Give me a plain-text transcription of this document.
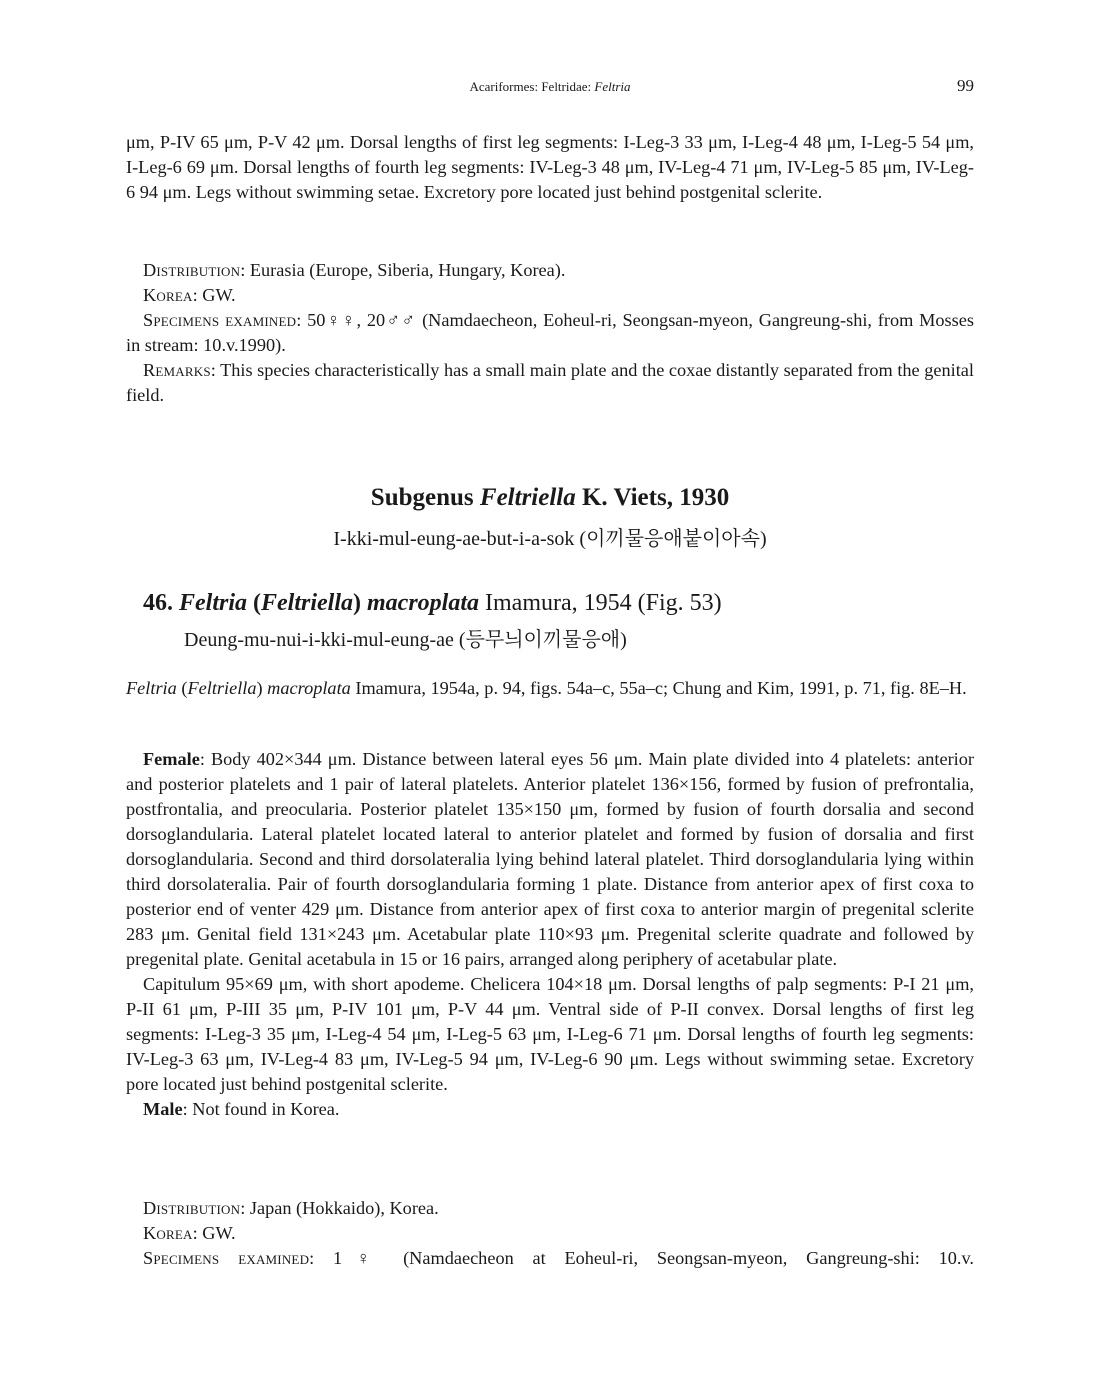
Acariformes: Feltridae: Feltria	99

μm, P-IV 65 μm, P-V 42 μm. Dorsal lengths of first leg segments: I-Leg-3 33 μm, I-Leg-4 48 μm, I-Leg-5 54 μm, I-Leg-6 69 μm. Dorsal lengths of fourth leg segments: IV-Leg-3 48 μm, IV-Leg-4 71 μm, IV-Leg-5 85 μm, IV-Leg-6 94 μm. Legs without swimming setae. Excretory pore located just behind postgenital sclerite.

Distribution: Eurasia (Europe, Siberia, Hungary, Korea).

Korea: GW.

Specimens examined: 50♀♀, 20♂♂ (Namdaecheon, Eoheul-ri, Seongsan-myeon, Gangreung-shi, from Mosses in stream: 10.v.1990).

Remarks: This species characteristically has a small main plate and the coxae distantly separated from the genital field.

Subgenus Feltriella K. Viets, 1930
I-kki-mul-eung-ae-but-i-a-sok (이끼물응애붙이아속)
46. Feltria (Feltriella) macroplata Imamura, 1954 (Fig. 53)
Deung-mu-nui-i-kki-mul-eung-ae (등무늬이끼물응애)

Feltria (Feltriella) macroplata Imamura, 1954a, p. 94, figs. 54a–c, 55a–c; Chung and Kim, 1991, p. 71, fig. 8E–H.

Female: Body 402×344 μm. Distance between lateral eyes 56 μm. Main plate divided into 4 platelets: anterior and posterior platelets and 1 pair of lateral platelets. Anterior platelet 136×156, formed by fusion of prefrontalia, postfrontalia, and preocularia. Posterior platelet 135×150 μm, formed by fusion of fourth dorsalia and second dorsoglandularia. Lateral platelet located lateral to anterior platelet and formed by fusion of dorsalia and first dorsoglandularia. Second and third dorsolateralia lying behind lateral platelet. Third dorsoglandularia lying within third dorsolateralia. Pair of fourth dorsoglandularia forming 1 plate. Distance from anterior apex of first coxa to posterior end of venter 429 μm. Distance from anterior apex of first coxa to anterior margin of pregenital sclerite 283 μm. Genital field 131×243 μm. Acetabular plate 110×93 μm. Pregenital sclerite quadrate and followed by pregenital plate. Genital acetabula in 15 or 16 pairs, arranged along periphery of acetabular plate.

Capitulum 95×69 μm, with short apodeme. Chelicera 104×18 μm. Dorsal lengths of palp segments: P-I 21 μm, P-II 61 μm, P-III 35 μm, P-IV 101 μm, P-V 44 μm. Ventral side of P-II convex. Dorsal lengths of first leg segments: I-Leg-3 35 μm, I-Leg-4 54 μm, I-Leg-5 63 μm, I-Leg-6 71 μm. Dorsal lengths of fourth leg segments: IV-Leg-3 63 μm, IV-Leg-4 83 μm, IV-Leg-5 94 μm, IV-Leg-6 90 μm. Legs without swimming setae. Excretory pore located just behind postgenital sclerite.

Male: Not found in Korea.

Distribution: Japan (Hokkaido), Korea.

Korea: GW.

Specimens examined: 1♀ (Namdaecheon at Eoheul-ri, Seongsan-myeon, Gangreung-shi: 10.v.
